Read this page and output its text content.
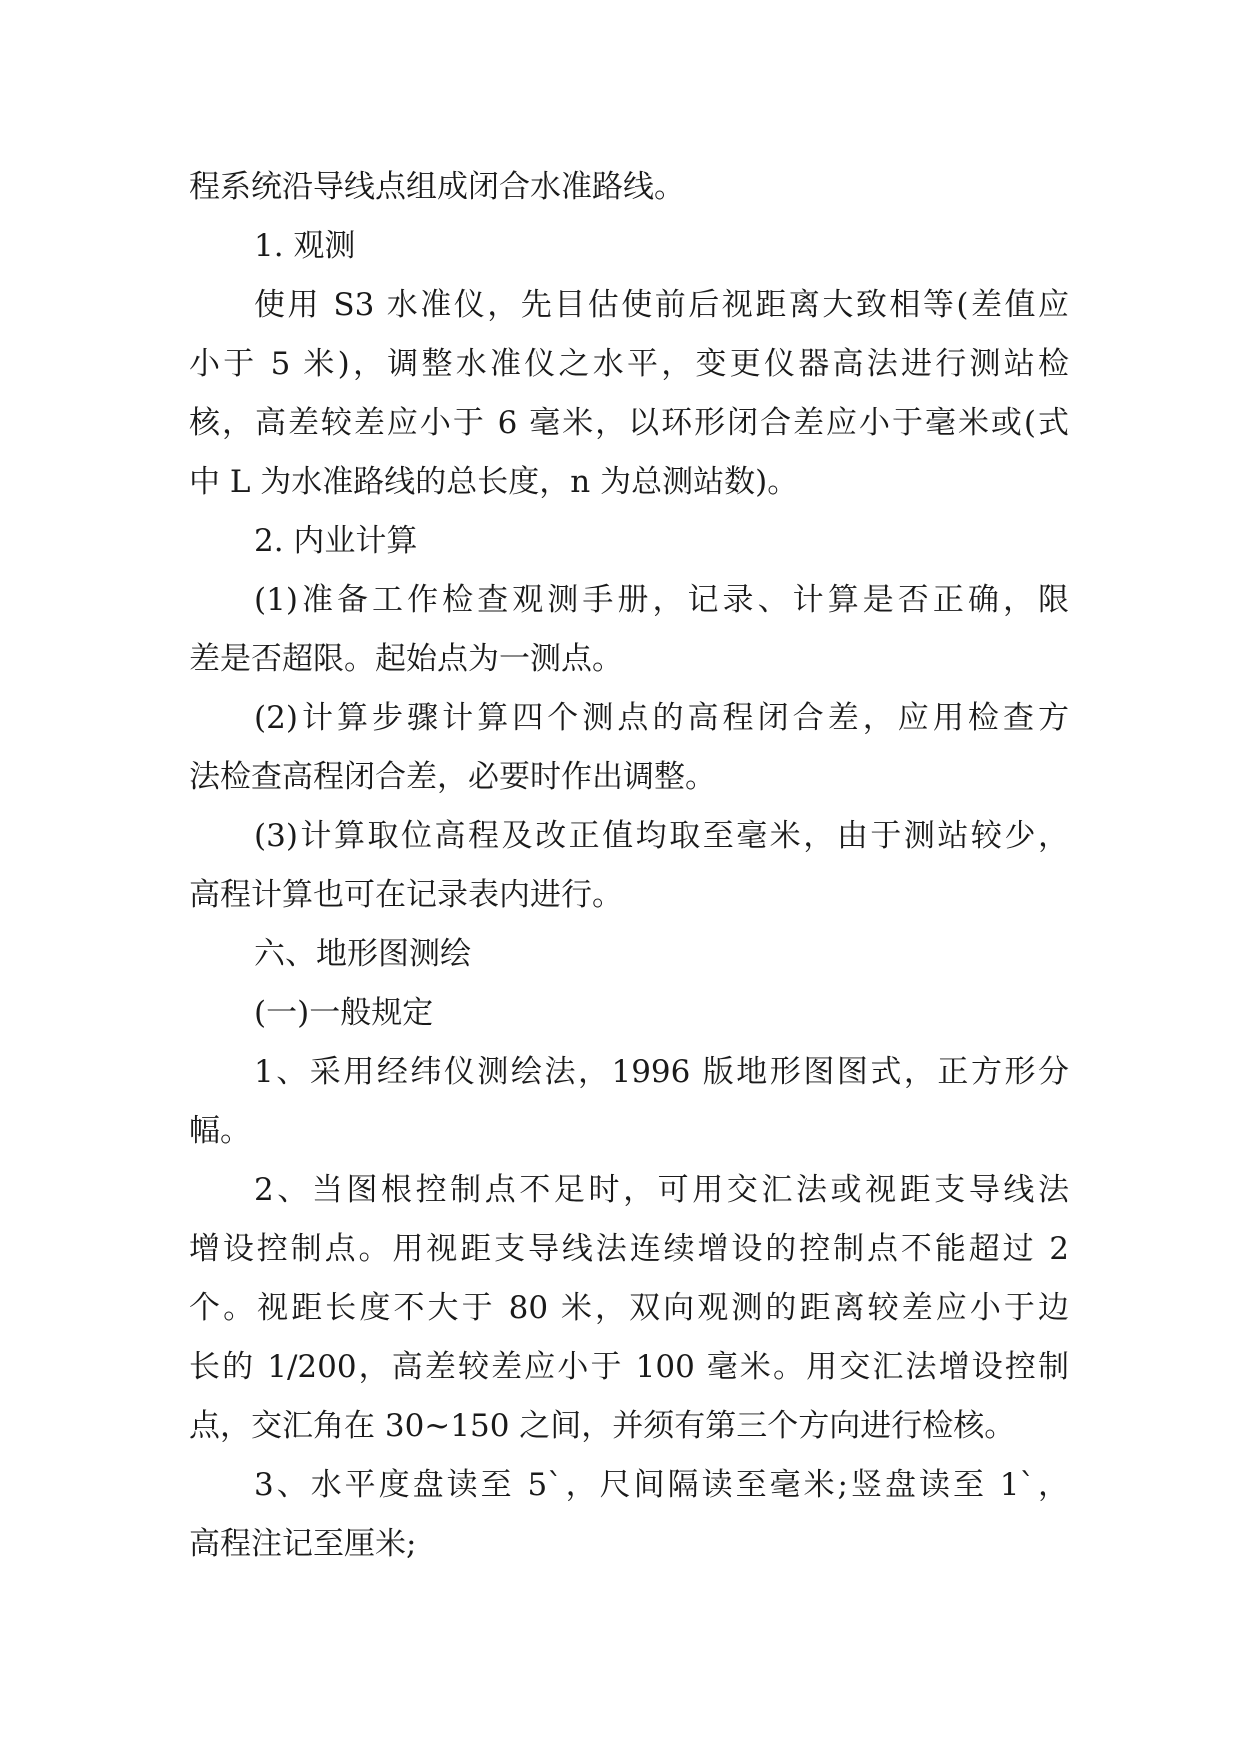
程系统沿导线点组成闭合水准路线。
1. 观测
使用 S3 水准仪，先目估使前后视距离大致相等(差值应
小于 5 米)，调整水准仪之水平，变更仪器高法进行测站检
核，高差较差应小于 6 毫米，以环形闭合差应小于毫米或(式
中 L 为水准路线的总长度，n 为总测站数)。
2. 内业计算
(1)准备工作检查观测手册，记录、计算是否正确，限
差是否超限。起始点为一测点。
(2)计算步骤计算四个测点的高程闭合差，应用检查方
法检查高程闭合差，必要时作出调整。
(3)计算取位高程及改正值均取至毫米，由于测站较少，
高程计算也可在记录表内进行。
六、地形图测绘
(一)一般规定
1、采用经纬仪测绘法，1996 版地形图图式，正方形分
幅。
2、当图根控制点不足时，可用交汇法或视距支导线法
增设控制点。用视距支导线法连续增设的控制点不能超过 2
个。视距长度不大于 80 米，双向观测的距离较差应小于边
长的 1/200，高差较差应小于 100 毫米。用交汇法增设控制
点，交汇角在 30~150 之间，并须有第三个方向进行检核。
3、水平度盘读至 5`，尺间隔读至毫米;竖盘读至 1`，
高程注记至厘米;
